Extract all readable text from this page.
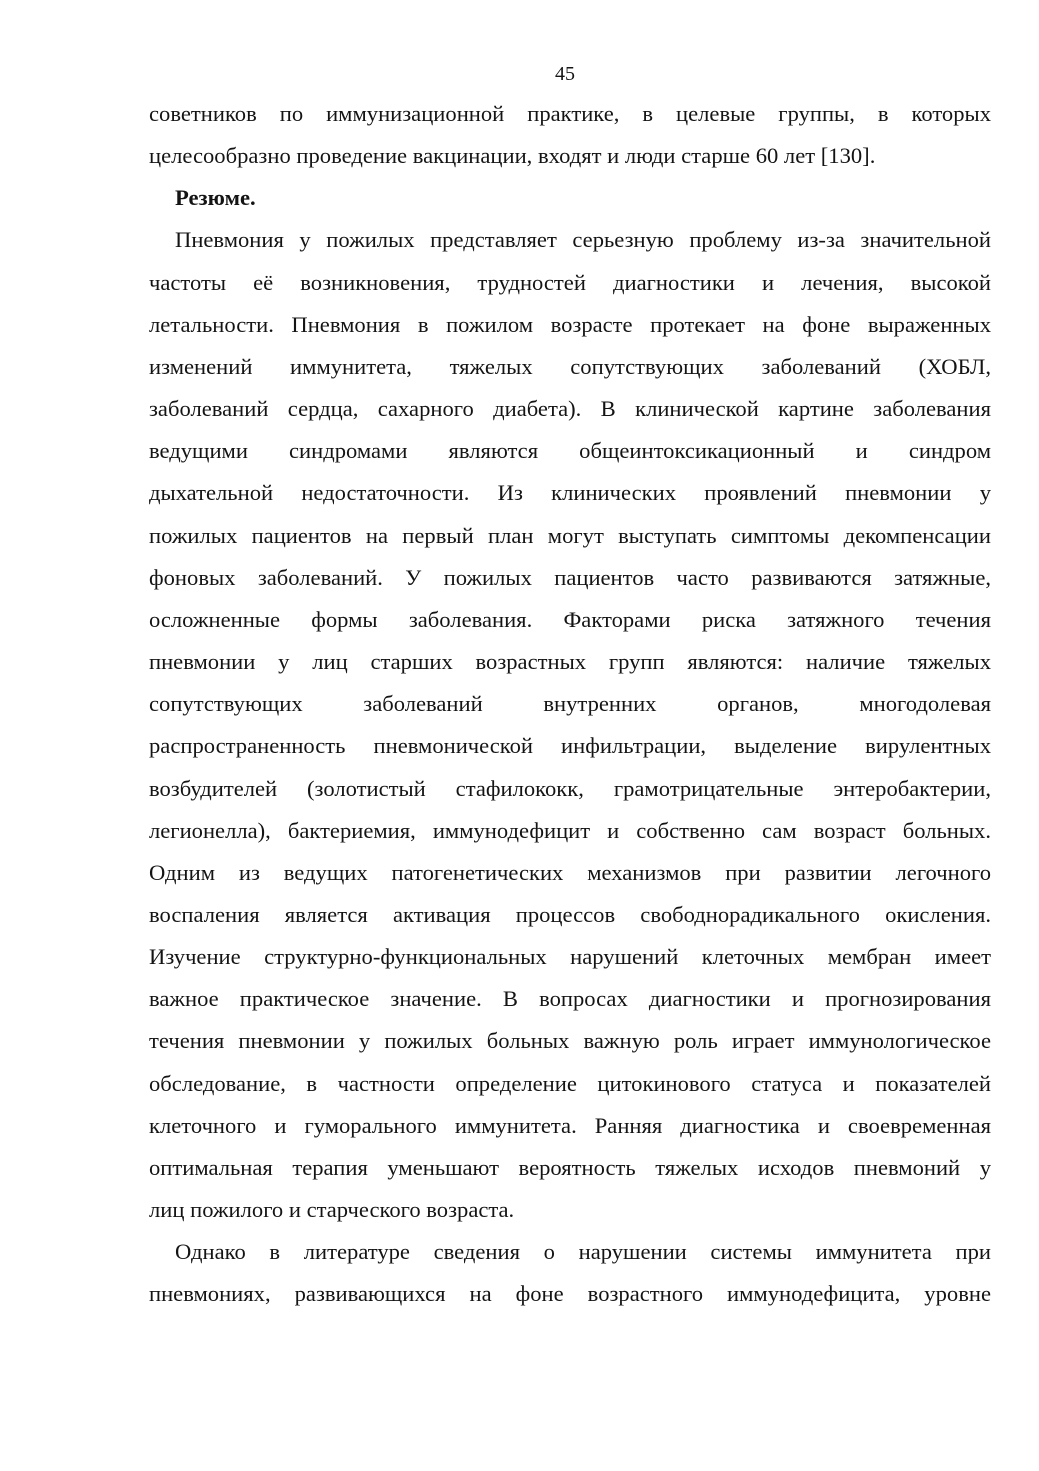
45
советников по иммунизационной практике, в целевые группы, в которых
целесообразно проведение вакцинации, входят и люди старше 60 лет [130].
Резюме.
Пневмония у пожилых представляет серьезную проблему из-за значительной
частоты её возникновения, трудностей диагностики и лечения, высокой
летальности. Пневмония в пожилом возрасте протекает на фоне выраженных
изменений иммунитета, тяжелых сопутствующих заболеваний (ХОБЛ,
заболеваний сердца, сахарного диабета). В клинической картине заболевания
ведущими синдромами являются общеинтоксикационный и синдром
дыхательной недостаточности. Из клинических проявлений пневмонии у
пожилых пациентов на первый план могут выступать симптомы декомпенсации
фоновых заболеваний. У пожилых пациентов часто развиваются затяжные,
осложненные формы заболевания. Факторами риска затяжного течения
пневмонии у лиц старших возрастных групп являются: наличие тяжелых
сопутствующих заболеваний внутренних органов, многодолевая
распространенность пневмонической инфильтрации, выделение вирулентных
возбудителей (золотистый стафилококк, грамотрицательные энтеробактерии,
легионелла), бактериемия, иммунодефицит и собственно сам возраст больных.
Одним из ведущих патогенетических механизмов при развитии легочного
воспаления является активация процессов свободнорадикального окисления.
Изучение структурно-функциональных нарушений клеточных мембран имеет
важное практическое значение. В вопросах диагностики и прогнозирования
течения пневмонии у пожилых больных важную роль играет иммунологическое
обследование, в частности определение цитокинового статуса и показателей
клеточного и гуморального иммунитета. Ранняя диагностика и своевременная
оптимальная терапия уменьшают вероятность тяжелых исходов пневмоний у
лиц пожилого и старческого возраста.
Однако в литературе сведения о нарушении системы иммунитета при
пневмониях, развивающихся на фоне возрастного иммунодефицита, уровне
